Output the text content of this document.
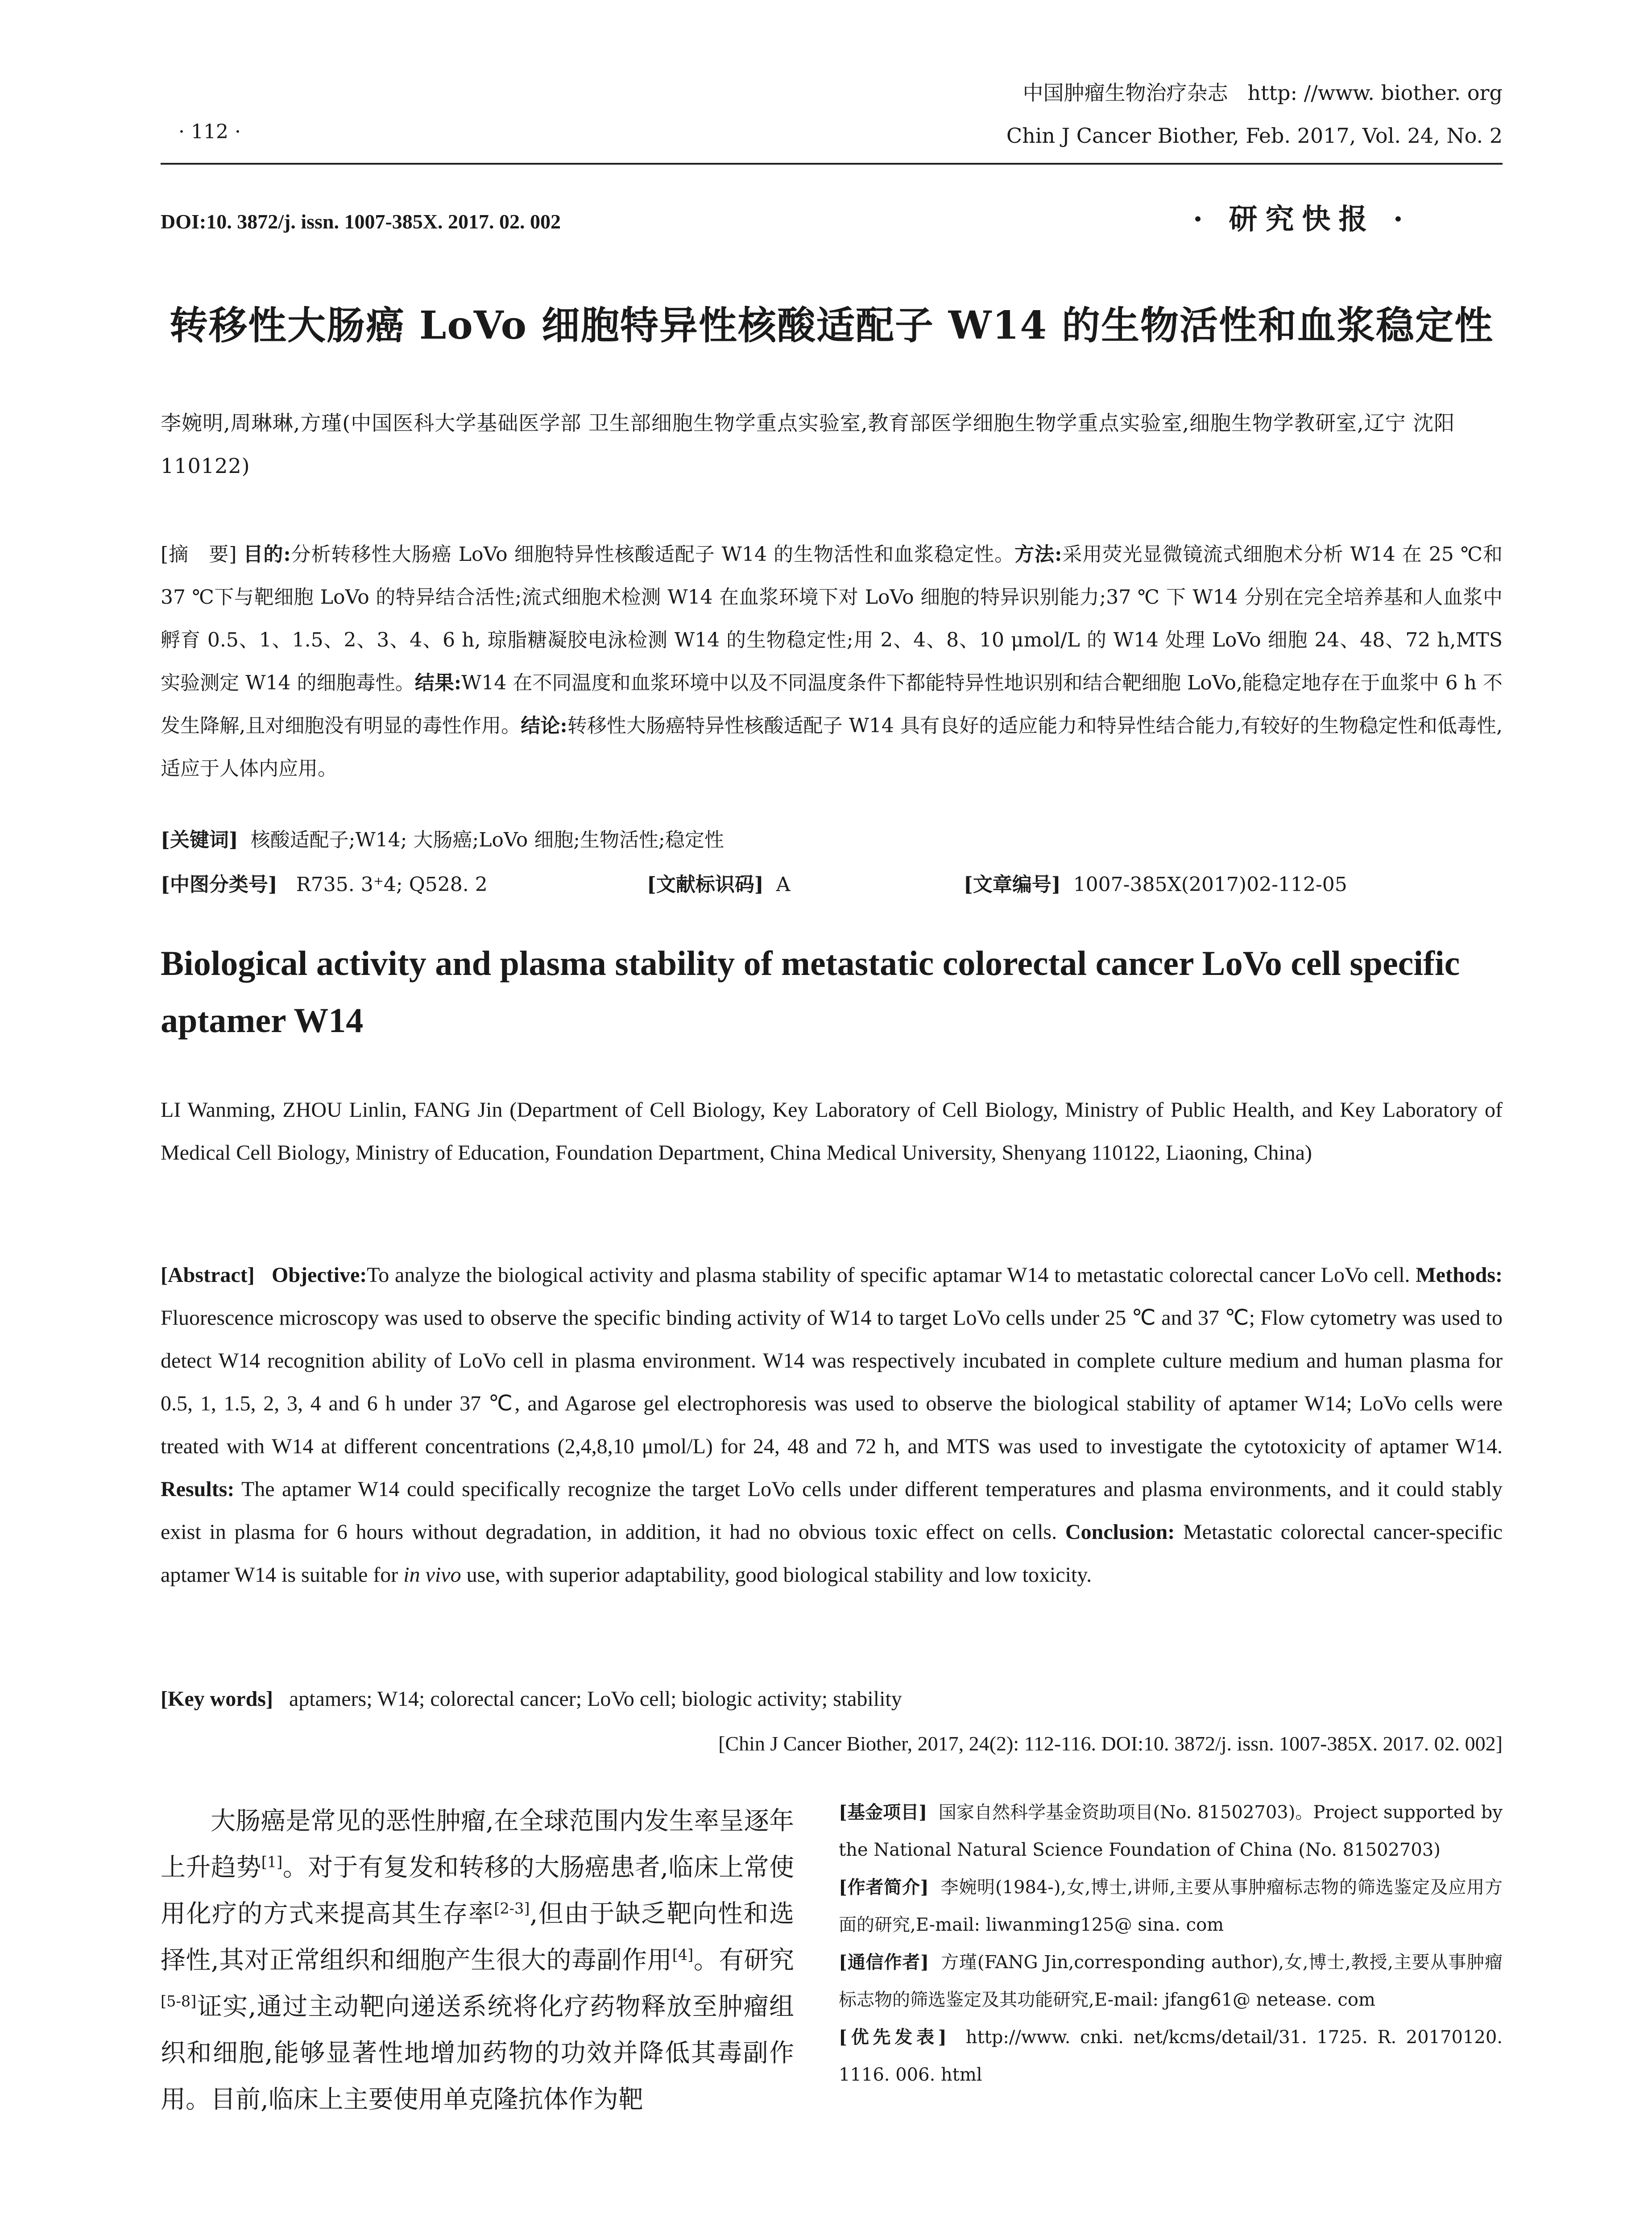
· 112 ·
中国肿瘤生物治疗杂志 http: //www. biother. org
Chin J Cancer Biother, Feb. 2017, Vol. 24, No. 2
DOI:10. 3872/j. issn. 1007-385X. 2017. 02. 002	· 研究快报 ·
转移性大肠癌 LoVo 细胞特异性核酸适配子 W14 的生物活性和血浆稳定性
李婉明,周琳琳,方瑾(中国医科大学基础医学部 卫生部细胞生物学重点实验室,教育部医学细胞生物学重点实验室,细胞生物学教研室,辽宁 沈阳 110122)
[摘　要] 目的:分析转移性大肠癌 LoVo 细胞特异性核酸适配子 W14 的生物活性和血浆稳定性。方法:采用荧光显微镜流式细胞术分析 W14 在 25 ℃和 37 ℃下与靶细胞 LoVo 的特异结合活性;流式细胞术检测 W14 在血浆环境下对 LoVo 细胞的特异识别能力;37 ℃ 下 W14 分别在完全培养基和人血浆中孵育 0.5、1、1.5、2、3、4、6 h, 琼脂糖凝胶电泳检测 W14 的生物稳定性;用 2、4、8、10 μmol/L 的 W14 处理 LoVo 细胞 24、48、72 h,MTS 实验测定 W14 的细胞毒性。结果:W14 在不同温度和血浆环境中以及不同温度条件下都能特异性地识别和结合靶细胞 LoVo,能稳定地存在于血浆中 6 h 不发生降解,且对细胞没有明显的毒性作用。结论:转移性大肠癌特异性核酸适配子 W14 具有良好的适应能力和特异性结合能力,有较好的生物稳定性和低毒性,适应于人体内应用。
[关键词] 核酸适配子;W14; 大肠癌;LoVo 细胞;生物活性;稳定性
[中图分类号] R735. 3⁺4; Q528. 2	[文献标识码] A	[文章编号] 1007-385X(2017)02-112-05
Biological activity and plasma stability of metastatic colorectal cancer LoVo cell specific aptamer W14
LI Wanming, ZHOU Linlin, FANG Jin (Department of Cell Biology, Key Laboratory of Cell Biology, Ministry of Public Health, and Key Laboratory of Medical Cell Biology, Ministry of Education, Foundation Department, China Medical University, Shenyang 110122, Liaoning, China)
[Abstract] Objective:To analyze the biological activity and plasma stability of specific aptamar W14 to metastatic colorectal cancer LoVo cell. Methods: Fluorescence microscopy was used to observe the specific binding activity of W14 to target LoVo cells under 25 ℃ and 37 ℃; Flow cytometry was used to detect W14 recognition ability of LoVo cell in plasma environment. W14 was respectively incubated in complete culture medium and human plasma for 0.5, 1, 1.5, 2, 3, 4 and 6 h under 37 ℃, and Agarose gel electrophoresis was used to observe the biological stability of aptamer W14; LoVo cells were treated with W14 at different concentrations (2,4,8,10 μmol/L) for 24, 48 and 72 h, and MTS was used to investigate the cytotoxicity of aptamer W14. Results: The aptamer W14 could specifically recognize the target LoVo cells under different temperatures and plasma environments, and it could stably exist in plasma for 6 hours without degradation, in addition, it had no obvious toxic effect on cells. Conclusion: Metastatic colorectal cancer-specific aptamer W14 is suitable for in vivo use, with superior adaptability, good biological stability and low toxicity.
[Key words] aptamers; W14; colorectal cancer; LoVo cell; biologic activity; stability
[Chin J Cancer Biother, 2017, 24(2): 112-116. DOI:10. 3872/j. issn. 1007-385X. 2017. 02. 002]
大肠癌是常见的恶性肿瘤,在全球范围内发生率呈逐年上升趋势[1]。对于有复发和转移的大肠癌患者,临床上常使用化疗的方式来提高其生存率[2-3],但由于缺乏靶向性和选择性,其对正常组织和细胞产生很大的毒副作用[4]。有研究[5-8]证实,通过主动靶向递送系统将化疗药物释放至肿瘤组织和细胞,能够显著性地增加药物的功效并降低其毒副作用。目前,临床上主要使用单克隆抗体作为靶

[基金项目] 国家自然科学基金资助项目(No. 81502703)。Project supported by the National Natural Science Foundation of China (No. 81502703)

[作者简介] 李婉明(1984-),女,博士,讲师,主要从事肿瘤标志物的筛选鉴定及应用方面的研究,E-mail: liwanming125@ sina. com

[通信作者] 方瑾(FANG Jin,corresponding author),女,博士,教授,主要从事肿瘤标志物的筛选鉴定及其功能研究,E-mail: jfang61@ netease. com

[优先发表] http://www. cnki. net/kcms/detail/31. 1725. R. 20170120. 1116. 006. html
